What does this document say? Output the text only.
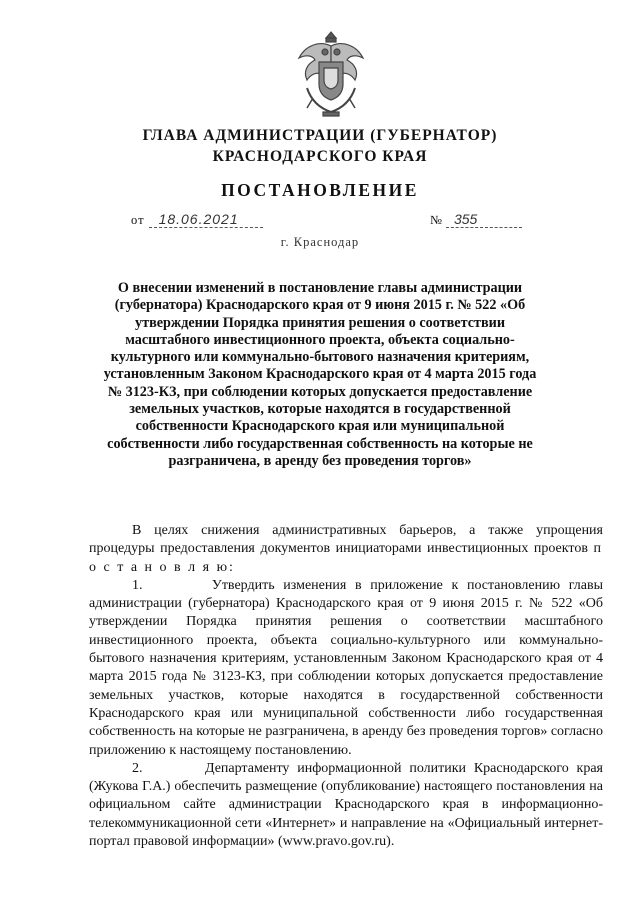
ГЛАВА АДМИНИСТРАЦИИ (ГУБЕРНАТОР)
КРАСНОДАРСКОГО КРАЯ
ПОСТАНОВЛЕНИЕ
от 18.06.2021	№ 355
г. Краснодар

О внесении изменений в постановление главы администрации (губернатора) Краснодарского края от 9 июня 2015 г. № 522 «Об утверждении Порядка принятия решения о соответствии масштабного инвестиционного проекта, объекта социально-культурного или коммунально-бытового назначения критериям, установленным Законом Краснодарского края от 4 марта 2015 года № 3123-КЗ, при соблюдении которых допускается предоставление земельных участков, которые находятся в государственной собственности Краснодарского края или муниципальной собственности либо государственная собственность на которые не разграничена, в аренду без проведения торгов»

В целях снижения административных барьеров, а также упрощения процедуры предоставления документов инициаторами инвестиционных проектов п о с т а н о в л я ю:

1.        Утвердить изменения в приложение к постановлению главы администрации (губернатора) Краснодарского края от 9 июня 2015 г. № 522 «Об утверждении Порядка принятия решения о соответствии масштабного инвестиционного проекта, объекта социально-культурного или коммунально-бытового назначения критериям, установленным Законом Краснодарского края от 4 марта 2015 года № 3123-КЗ, при соблюдении которых допускается предоставление земельных участков, которые находятся в государственной собственности Краснодарского края или муниципальной собственности либо государственная собственность на которые не разграничена, в аренду без проведения торгов» согласно приложению к настоящему постановлению.

2.        Департаменту информационной политики Краснодарского края (Жукова Г.А.) обеспечить размещение (опубликование) настоящего постановления на официальном сайте администрации Краснодарского края в информационно-телекоммуникационной сети «Интернет» и направление на «Официальный интернет-портал правовой информации» (www.pravo.gov.ru).
